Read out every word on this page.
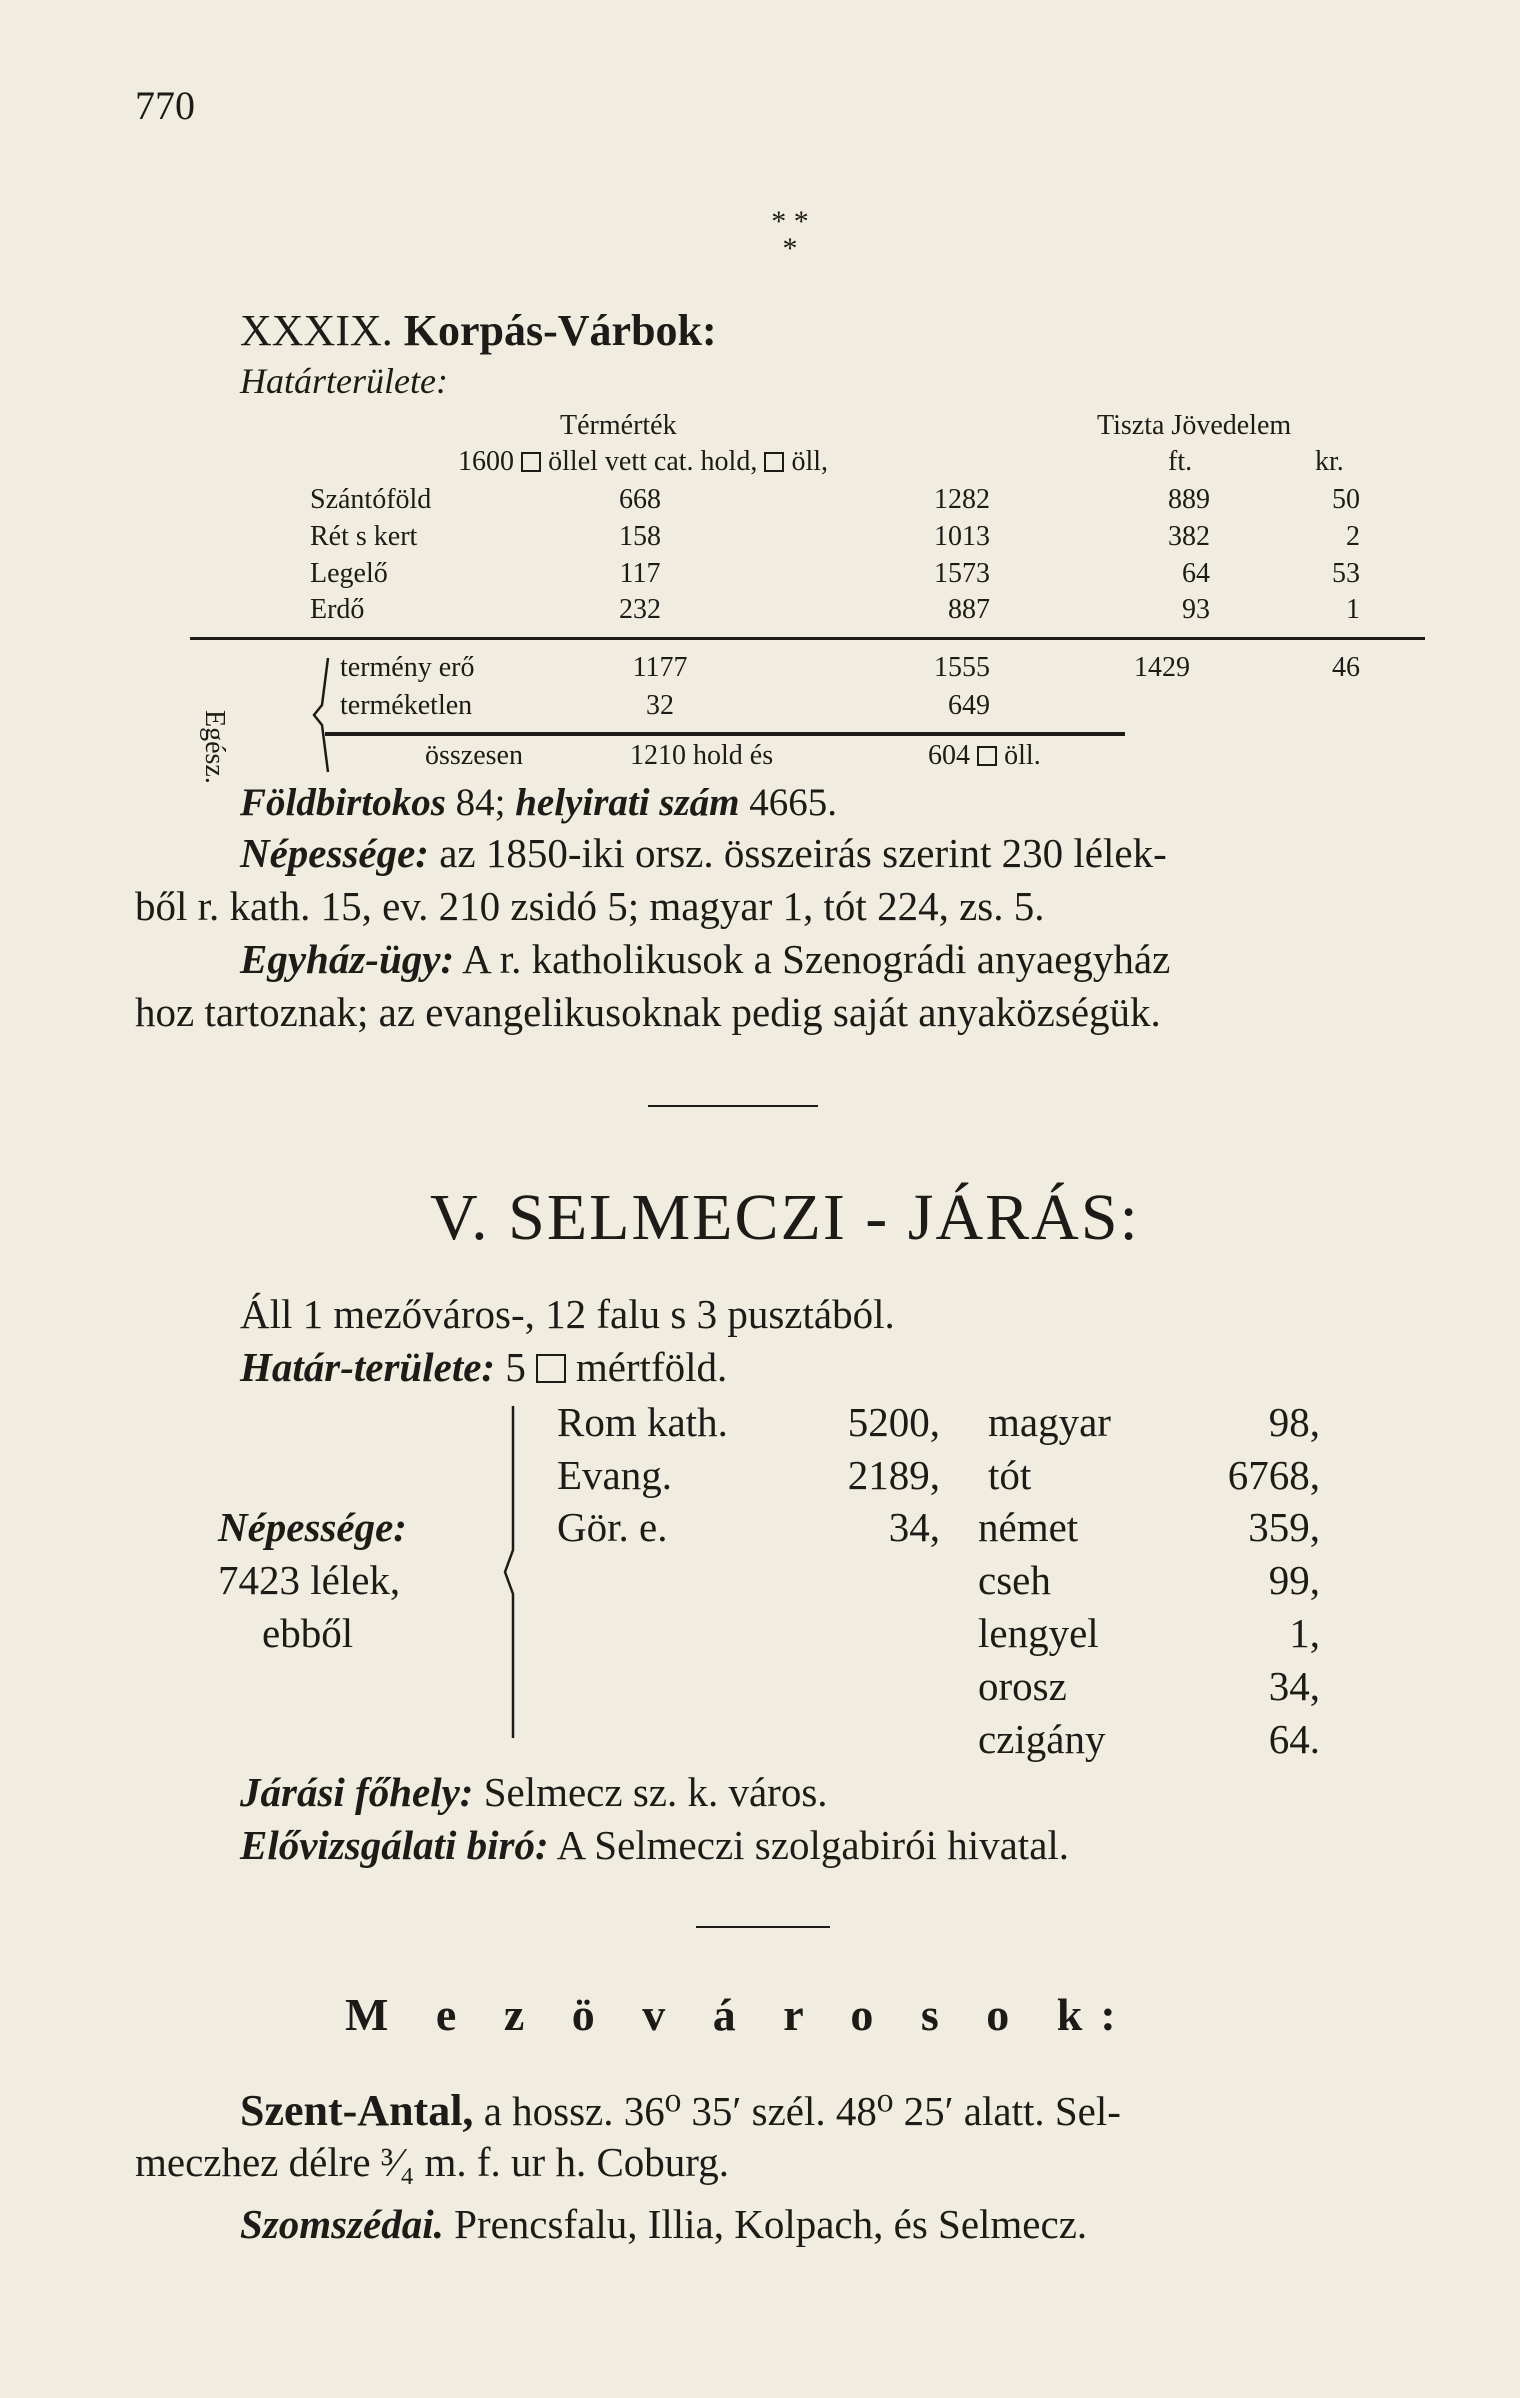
770
* *
*
XXXIX. Korpás-Várbok:
Határterülete:
Térmérték	Tiszta Jövedelem
1600 öllel vett cat. hold, öll,	ft.	kr.
Szántóföld	668	1282	889	50
Rét s kert	158	1013	382	2
Legelő	117	1573	64	53
Erdő	232	887	93	1
Egész.
termény erő	1177	1555	1429	46
terméketlen	32	649
összesen	1210 hold és	604 öll.
Földbirtokos 84; helyirati szám 4665.
Népessége: az 1850-iki orsz. összeirás szerint 230 lélek-
ből r. kath. 15, ev. 210 zsidó 5; magyar 1, tót 224, zs. 5.
Egyház-ügy: A r. katholikusok a Szenográdi anyaegyház
hoz tartoznak; az evangelikusoknak pedig saját anyaközségük.
V. SELMECZI - JÁRÁS:
Áll 1 mezőváros-, 12 falu s 3 pusztából.
Határ-területe: 5 mértföld.
Népessége:
7423 lélek,
ebből
Rom kath.	5200,
Evang.	2189,
Gör. e.	34,
magyar	98,
tót	6768,
német	359,
cseh	99,
lengyel	1,
orosz	34,
czigány	64.
Járási főhely: Selmecz sz. k. város.
Elővizsgálati biró: A Selmeczi szolgabirói hivatal.
M e z ö v á r o s o k:
Szent-Antal, a hossz. 36⁰ 35′ szél. 48⁰ 25′ alatt. Sel-
meczhez délre ³⁄₄ m. f. ur h. Coburg.
Szomszédai. Prencsfalu, Illia, Kolpach, és Selmecz.
